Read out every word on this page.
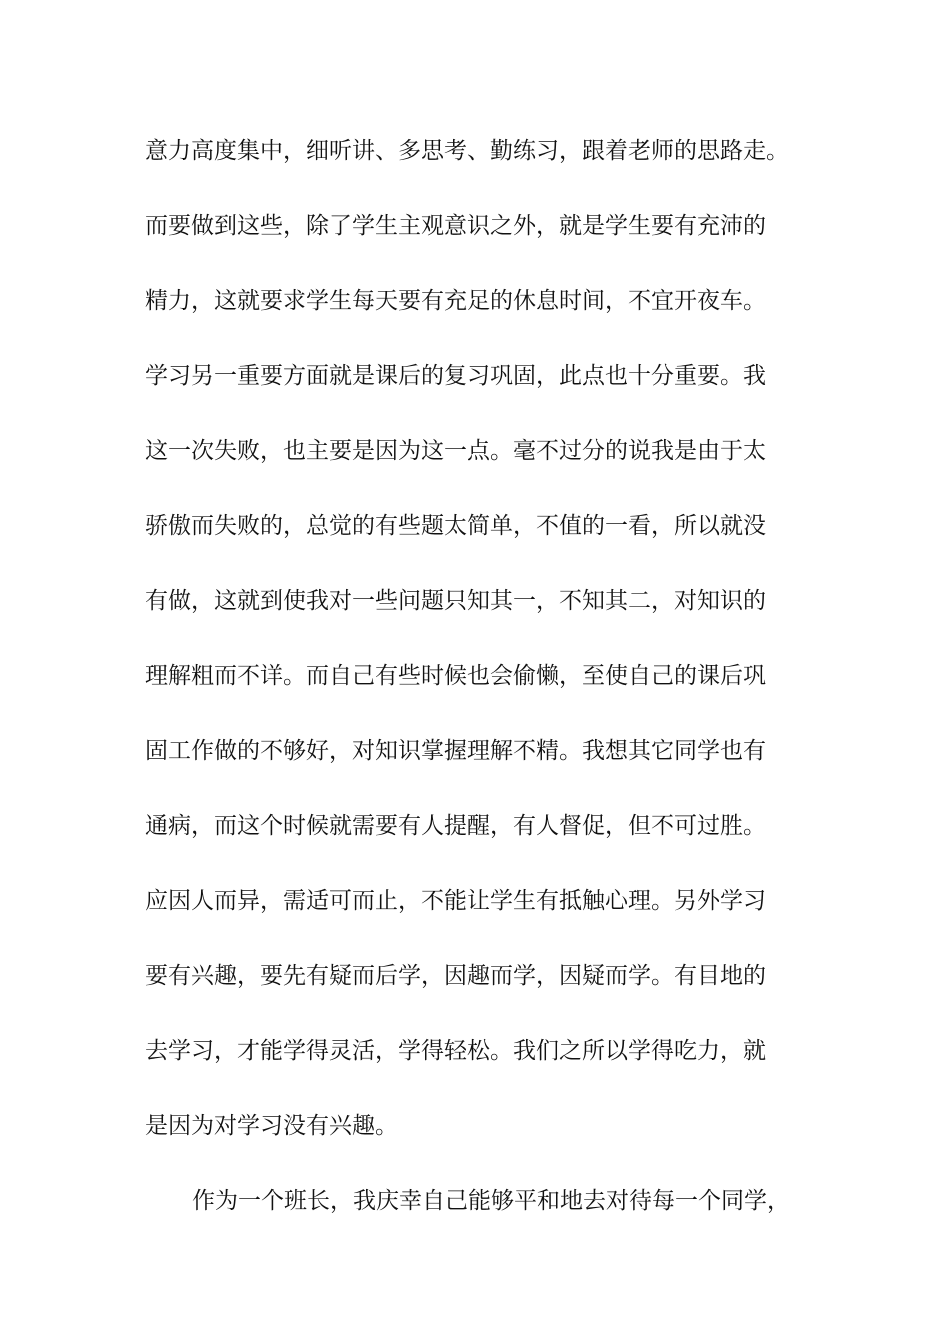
意力高度集中，细听讲、多思考、勤练习，跟着老师的思路走。
而要做到这些，除了学生主观意识之外，就是学生要有充沛的
精力，这就要求学生每天要有充足的休息时间，不宜开夜车。
学习另一重要方面就是课后的复习巩固，此点也十分重要。我
这一次失败，也主要是因为这一点。毫不过分的说我是由于太
骄傲而失败的，总觉的有些题太简单，不值的一看，所以就没
有做，这就到使我对一些问题只知其一，不知其二，对知识的
理解粗而不详。而自己有些时候也会偷懒，至使自己的课后巩
固工作做的不够好，对知识掌握理解不精。我想其它同学也有
通病，而这个时候就需要有人提醒，有人督促，但不可过胜。
应因人而异，需适可而止，不能让学生有抵触心理。另外学习
要有兴趣，要先有疑而后学，因趣而学，因疑而学。有目地的
去学习，才能学得灵活，学得轻松。我们之所以学得吃力，就
是因为对学习没有兴趣。
作为一个班长，我庆幸自己能够平和地去对待每一个同学，
